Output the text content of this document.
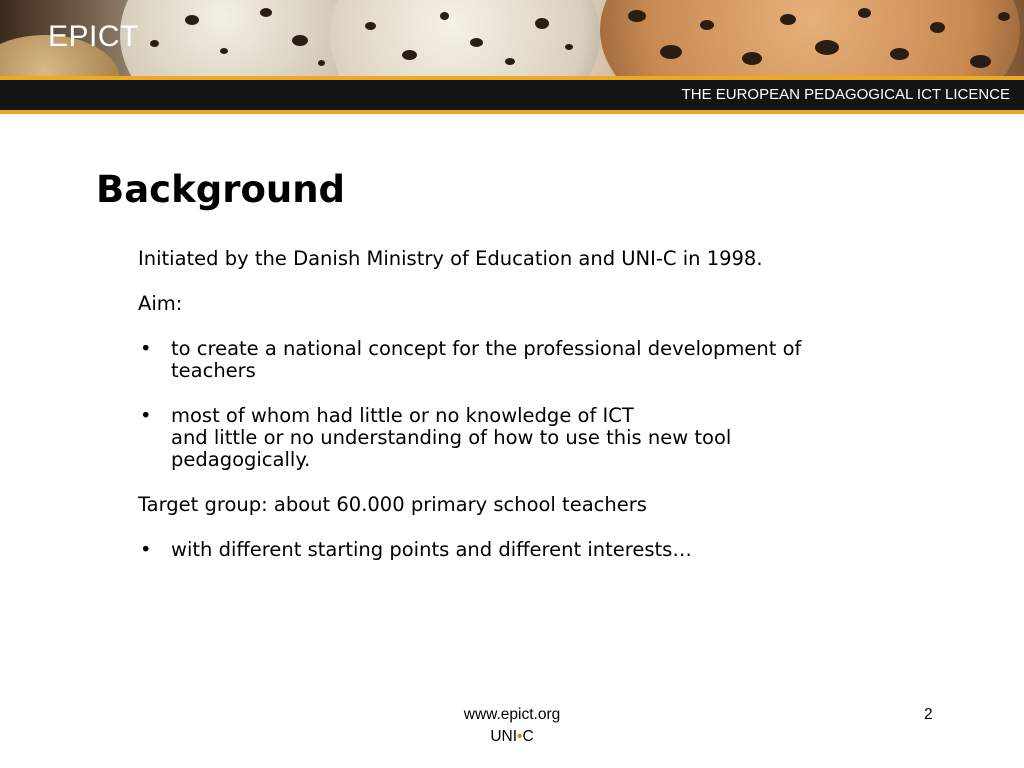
EPICT
THE EUROPEAN PEDAGOGICAL ICT LICENCE
Background

Initiated by the Danish Ministry of Education and UNI-C in 1998.

Aim:

• to create a national concept for the professional development of
teachers
• most of whom had little or no knowledge of ICT
and little or no understanding of how to use this new tool
pedagogically.

Target group: about 60.000 primary school teachers

• with different starting points and different interests…
www.epict.org
UNI•C
2
